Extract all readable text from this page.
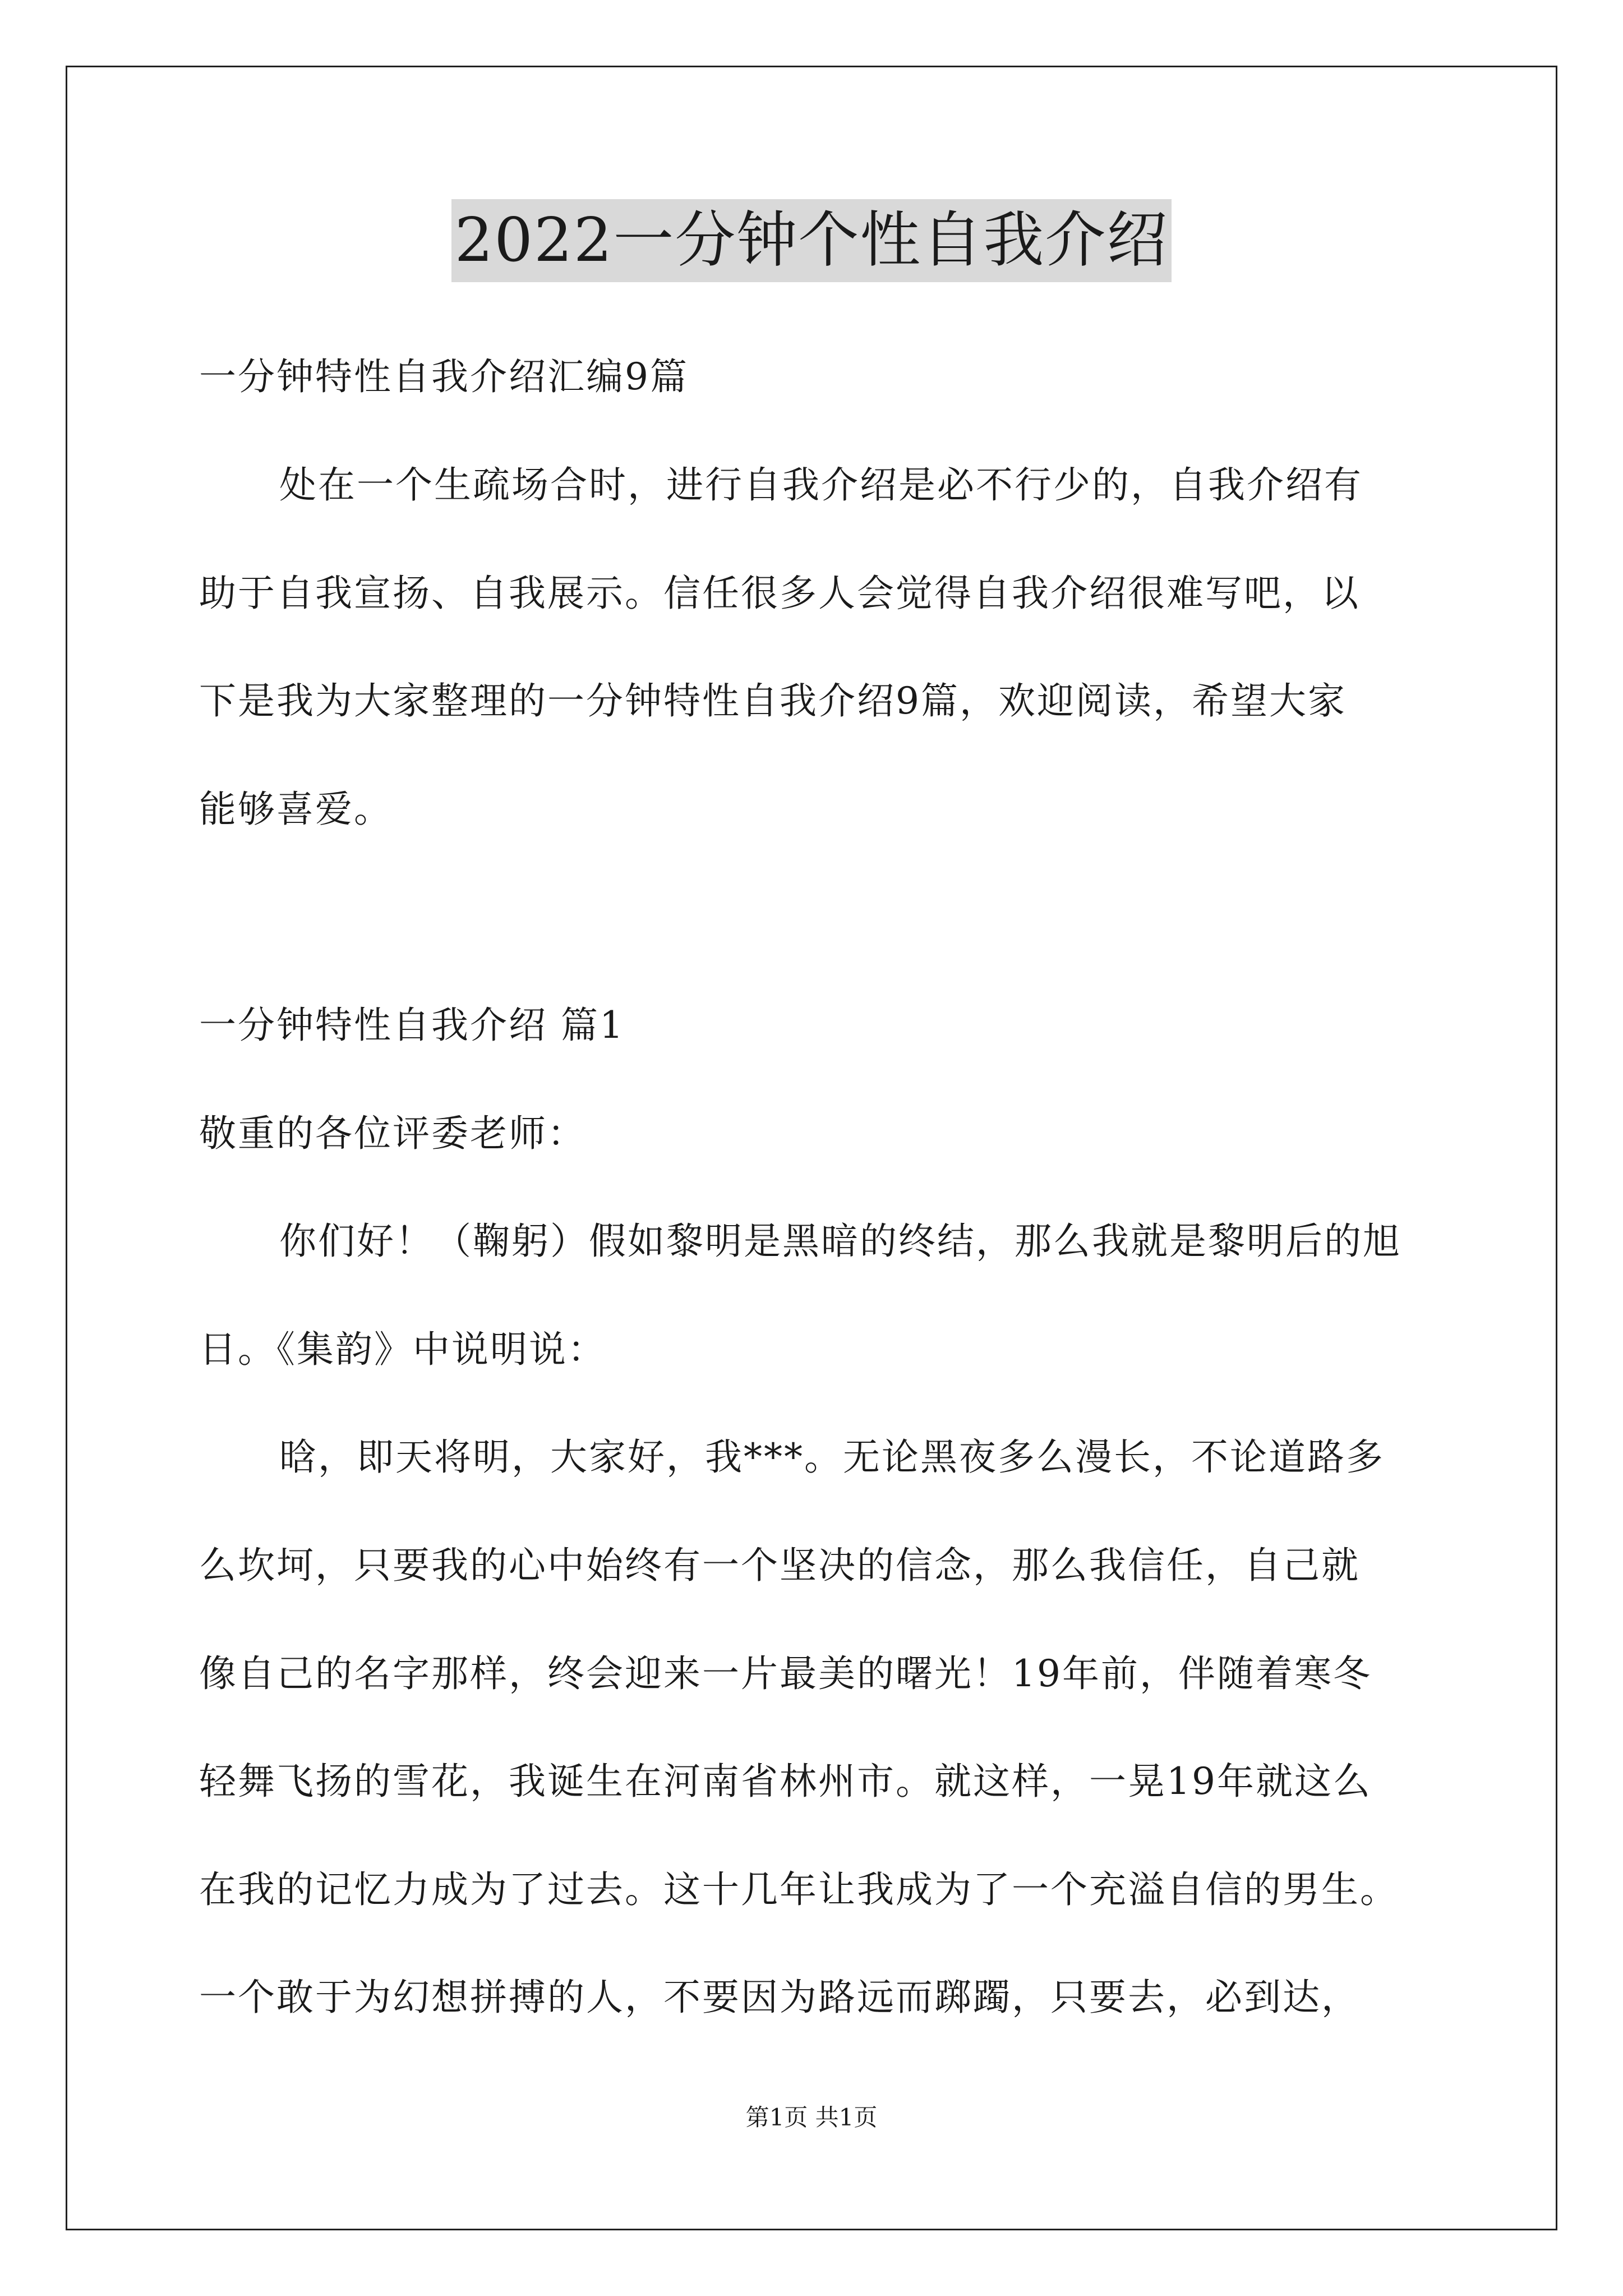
2022一分钟个性自我介绍
一分钟特性自我介绍汇编9篇
处在一个生疏场合时，进行自我介绍是必不行少的，自我介绍有
助于自我宣扬、自我展示。信任很多人会觉得自我介绍很难写吧，以
下是我为大家整理的一分钟特性自我介绍9篇，欢迎阅读，希望大家
能够喜爱。
一分钟特性自我介绍 篇1
敬重的各位评委老师：
你们好！（鞠躬）假如黎明是黑暗的终结，那么我就是黎明后的旭
日。《集韵》中说明说：
晗，即天将明，大家好，我***。无论黑夜多么漫长，不论道路多
么坎坷，只要我的心中始终有一个坚决的信念，那么我信任，自己就
像自己的名字那样，终会迎来一片最美的曙光！19年前，伴随着寒冬
轻舞飞扬的雪花，我诞生在河南省林州市。就这样，一晃19年就这么
在我的记忆力成为了过去。这十几年让我成为了一个充溢自信的男生。
一个敢于为幻想拼搏的人，不要因为路远而踯躅，只要去，必到达，
第1页 共1页
